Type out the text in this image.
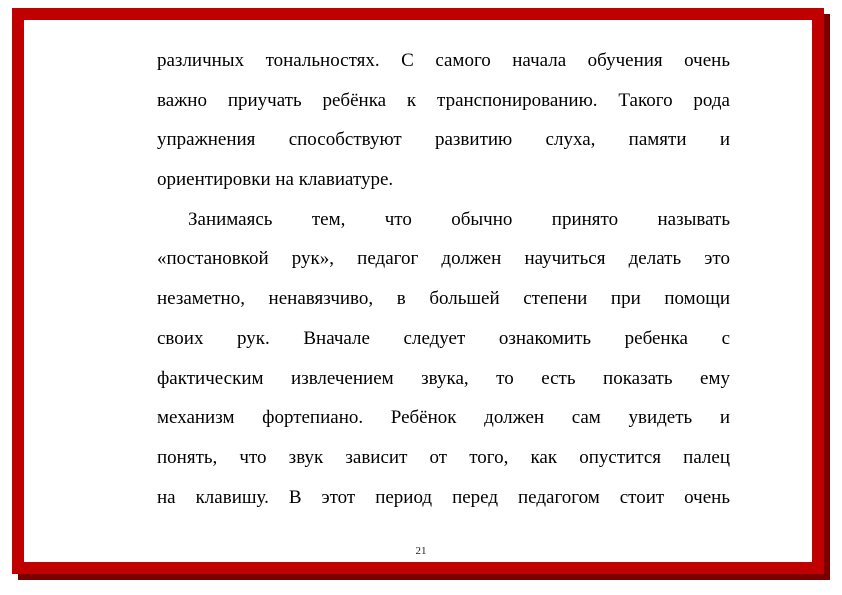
различных тональностях. С самого начала обучения очень
важно приучать ребёнка к транспонированию. Такого рода
упражнения способствуют развитию слуха, памяти и
ориентировки на клавиатуре.
Занимаясь тем, что обычно принято называть
«постановкой рук», педагог должен научиться делать это
незаметно, ненавязчиво, в большей степени при помощи
своих рук. Вначале следует ознакомить ребенка с
фактическим извлечением звука, то есть показать ему
механизм фортепиано. Ребёнок должен сам увидеть и
понять, что звук зависит от того, как опустится палец
на клавишу. В этот период перед педагогом стоит очень
21
